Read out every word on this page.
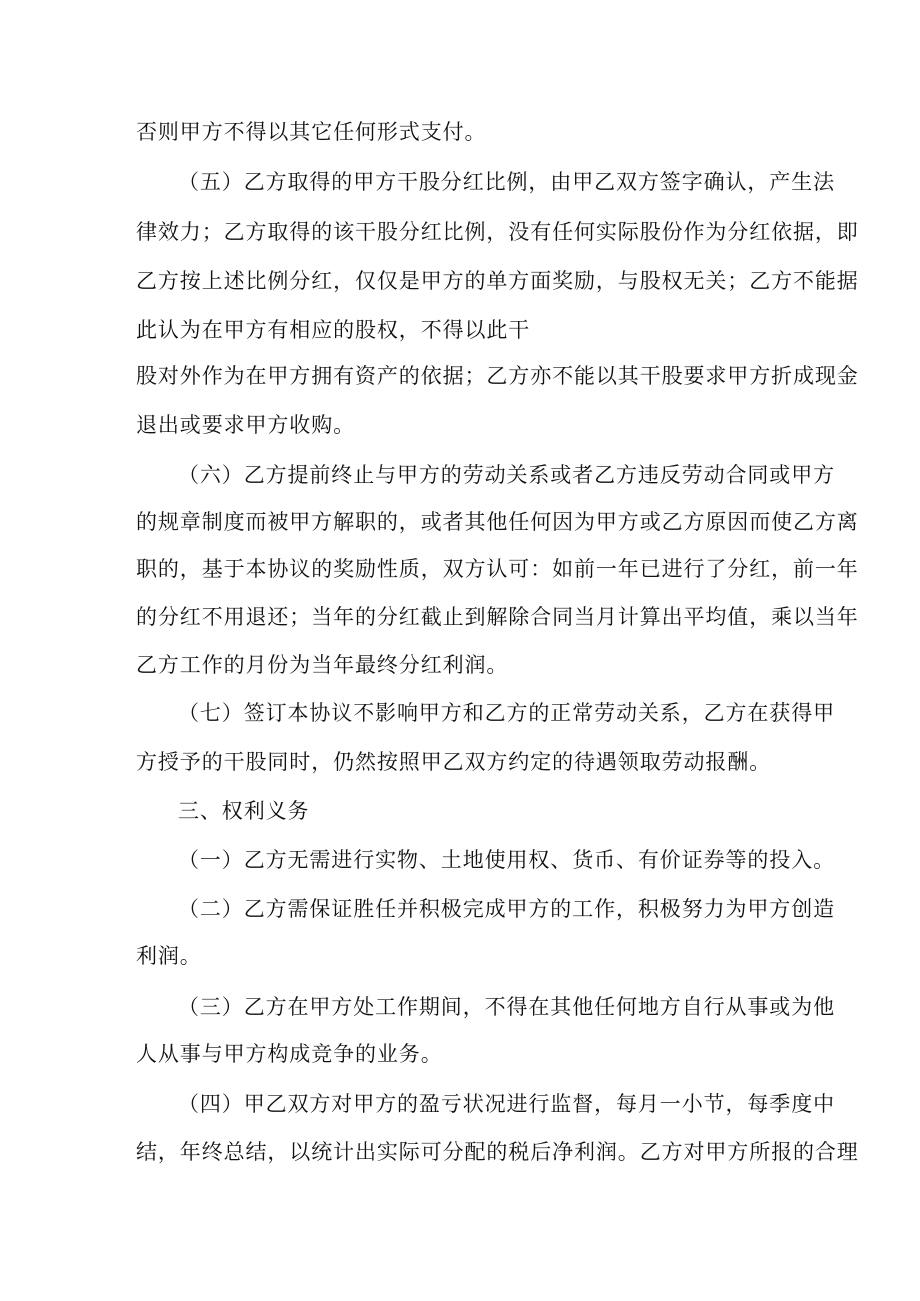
否则甲方不得以其它任何形式支付。
（五）乙方取得的甲方干股分红比例，由甲乙双方签字确认，产生法
律效力；乙方取得的该干股分红比例，没有任何实际股份作为分红依据，即
乙方按上述比例分红，仅仅是甲方的单方面奖励，与股权无关；乙方不能据
此认为在甲方有相应的股权，不得以此干
股对外作为在甲方拥有资产的依据；乙方亦不能以其干股要求甲方折成现金
退出或要求甲方收购。
（六）乙方提前终止与甲方的劳动关系或者乙方违反劳动合同或甲方
的规章制度而被甲方解职的，或者其他任何因为甲方或乙方原因而使乙方离
职的，基于本协议的奖励性质，双方认可：如前一年已进行了分红，前一年
的分红不用退还；当年的分红截止到解除合同当月计算出平均值，乘以当年
乙方工作的月份为当年最终分红利润。
（七）签订本协议不影响甲方和乙方的正常劳动关系，乙方在获得甲
方授予的干股同时，仍然按照甲乙双方约定的待遇领取劳动报酬。
三、权利义务
（一）乙方无需进行实物、土地使用权、货币、有价证券等的投入。
（二）乙方需保证胜任并积极完成甲方的工作，积极努力为甲方创造
利润。
（三）乙方在甲方处工作期间，不得在其他任何地方自行从事或为他
人从事与甲方构成竞争的业务。
（四）甲乙双方对甲方的盈亏状况进行监督，每月一小节，每季度中
结，年终总结，以统计出实际可分配的税后净利润。乙方对甲方所报的合理
